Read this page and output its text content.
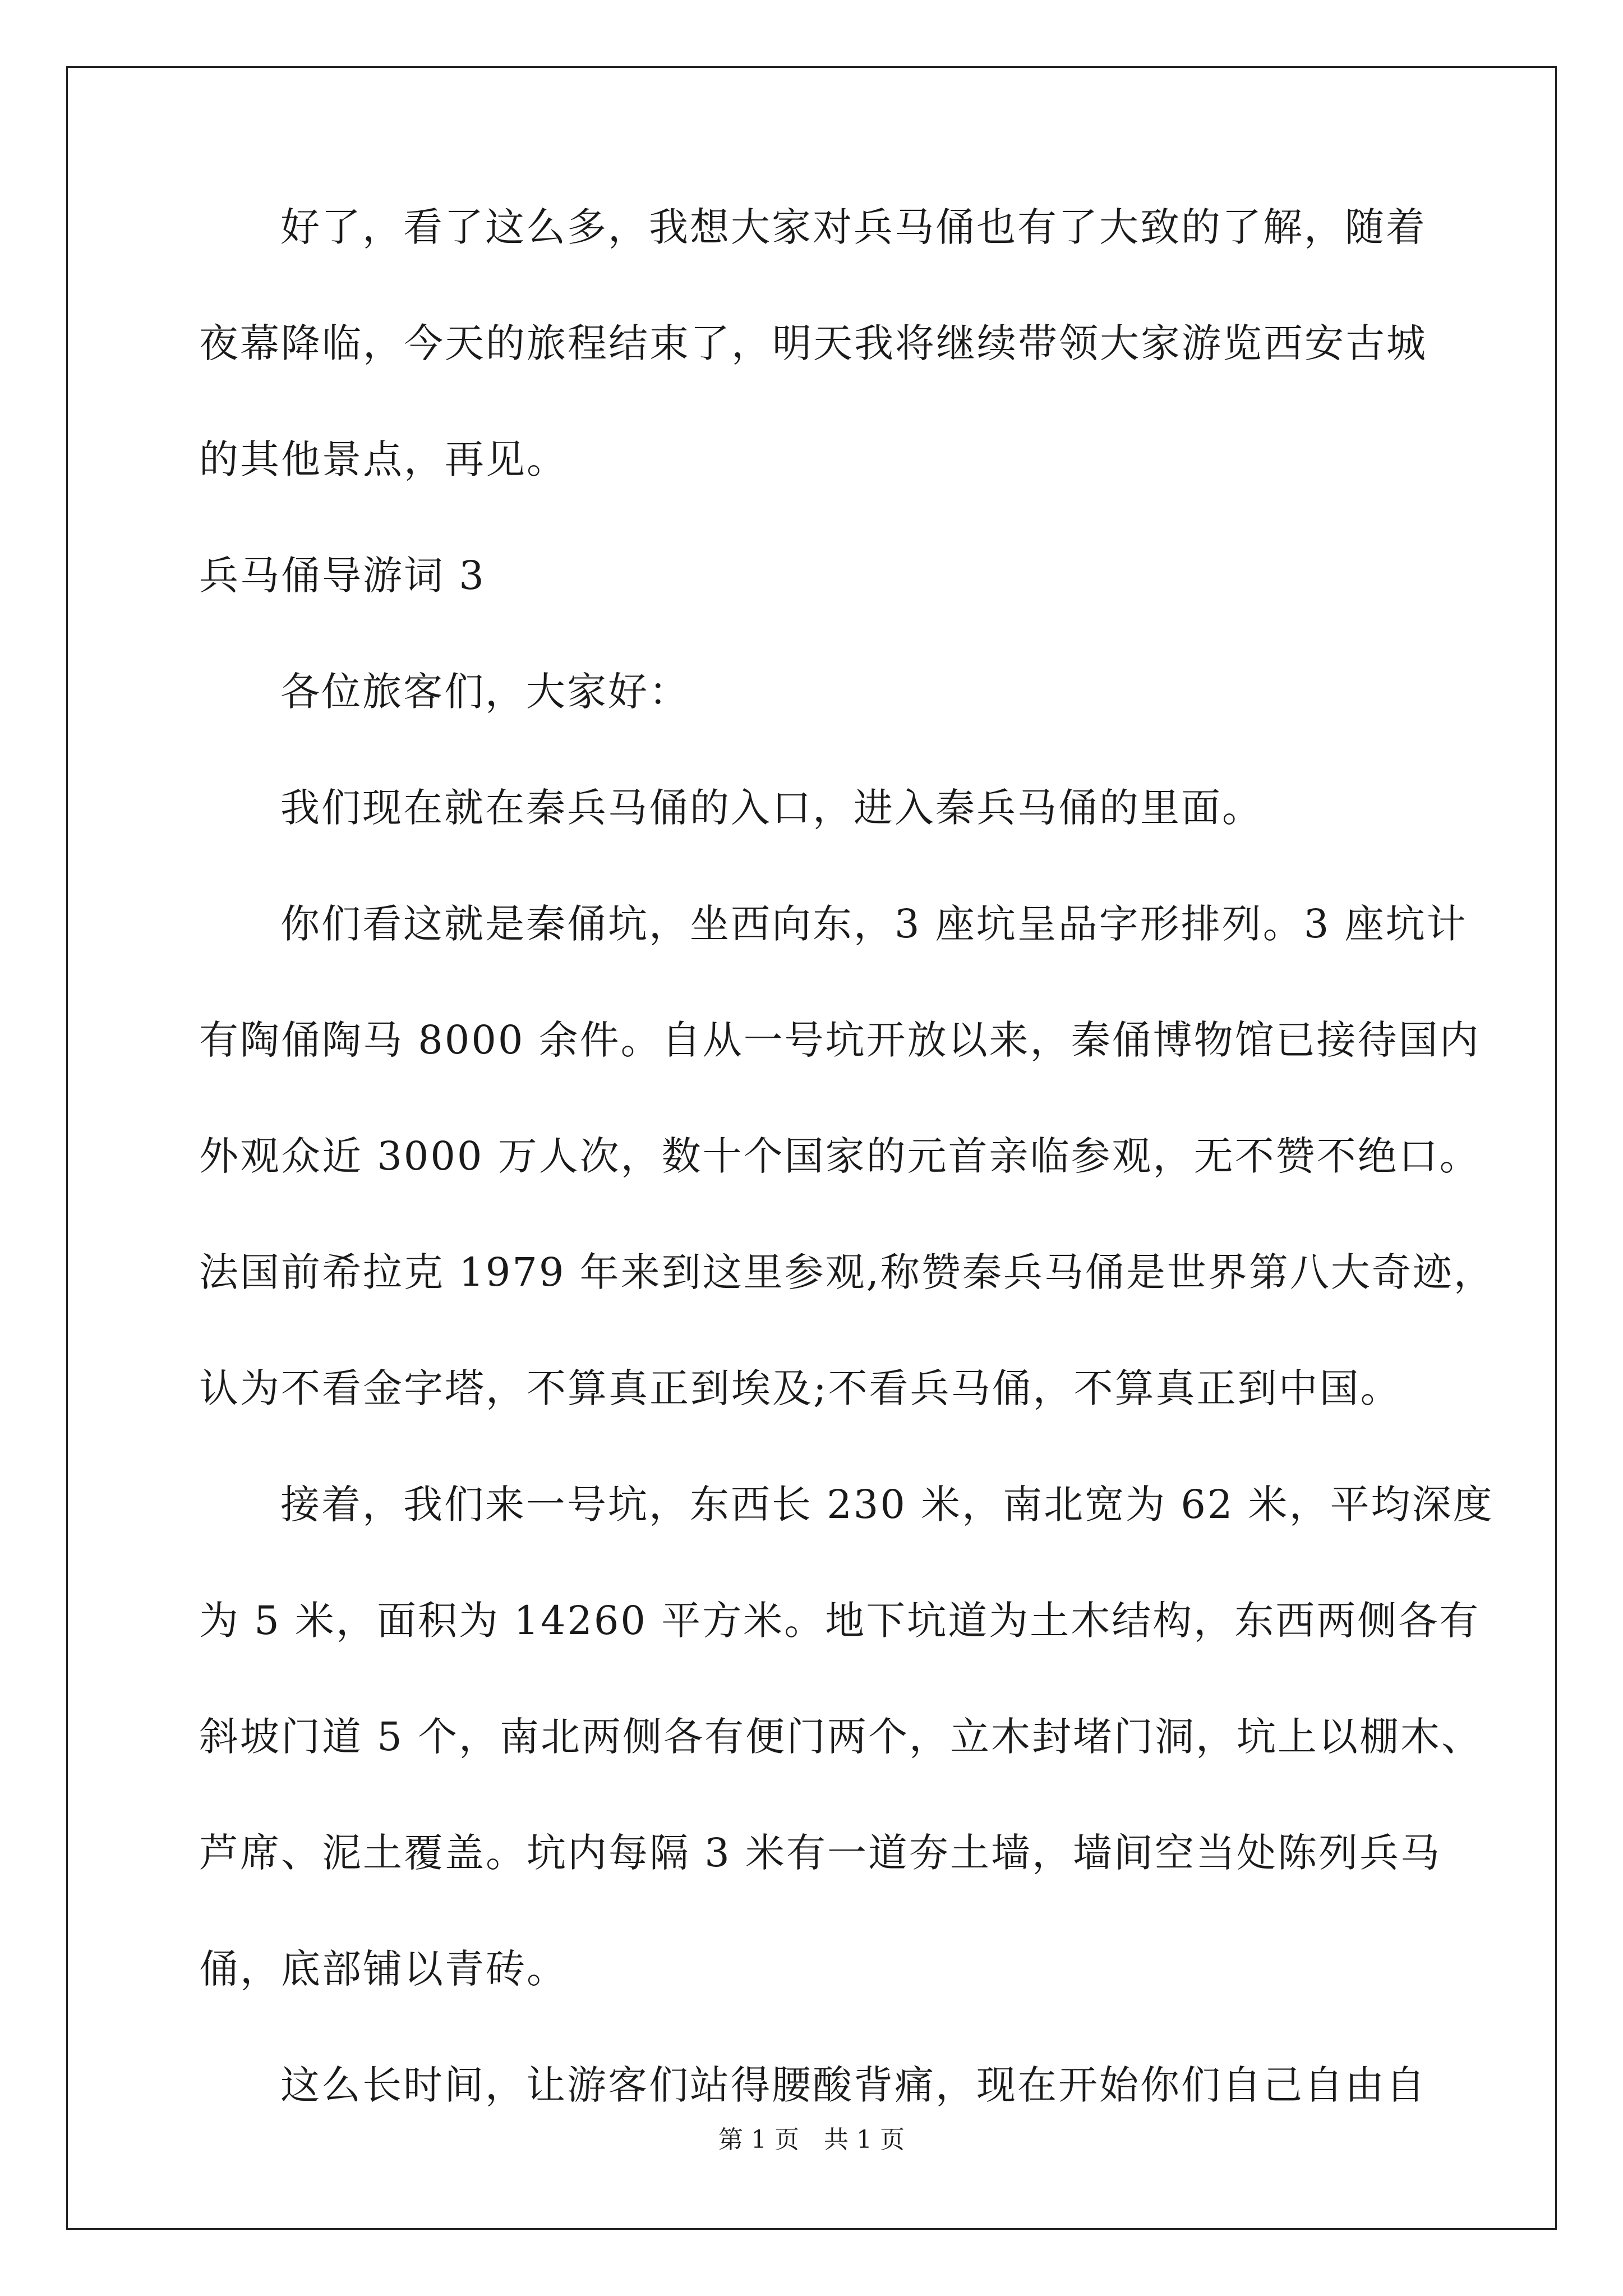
好了，看了这么多，我想大家对兵马俑也有了大致的了解，随着
夜幕降临，今天的旅程结束了，明天我将继续带领大家游览西安古城
的其他景点，再见。
兵马俑导游词 3
各位旅客们，大家好：
我们现在就在秦兵马俑的入口，进入秦兵马俑的里面。
你们看这就是秦俑坑，坐西向东，3 座坑呈品字形排列。3 座坑计
有陶俑陶马 8000 余件。自从一号坑开放以来，秦俑博物馆已接待国内
外观众近 3000 万人次，数十个国家的元首亲临参观，无不赞不绝口。
法国前希拉克 1979 年来到这里参观,称赞秦兵马俑是世界第八大奇迹，
认为不看金字塔，不算真正到埃及;不看兵马俑，不算真正到中国。
接着，我们来一号坑，东西长 230 米，南北宽为 62 米，平均深度
为 5 米，面积为 14260 平方米。地下坑道为土木结构，东西两侧各有
斜坡门道 5 个，南北两侧各有便门两个，立木封堵门洞，坑上以棚木、
芦席、泥土覆盖。坑内每隔 3 米有一道夯土墙，墙间空当处陈列兵马
俑，底部铺以青砖。
这么长时间，让游客们站得腰酸背痛，现在开始你们自己自由自
第 1 页　共 1 页
